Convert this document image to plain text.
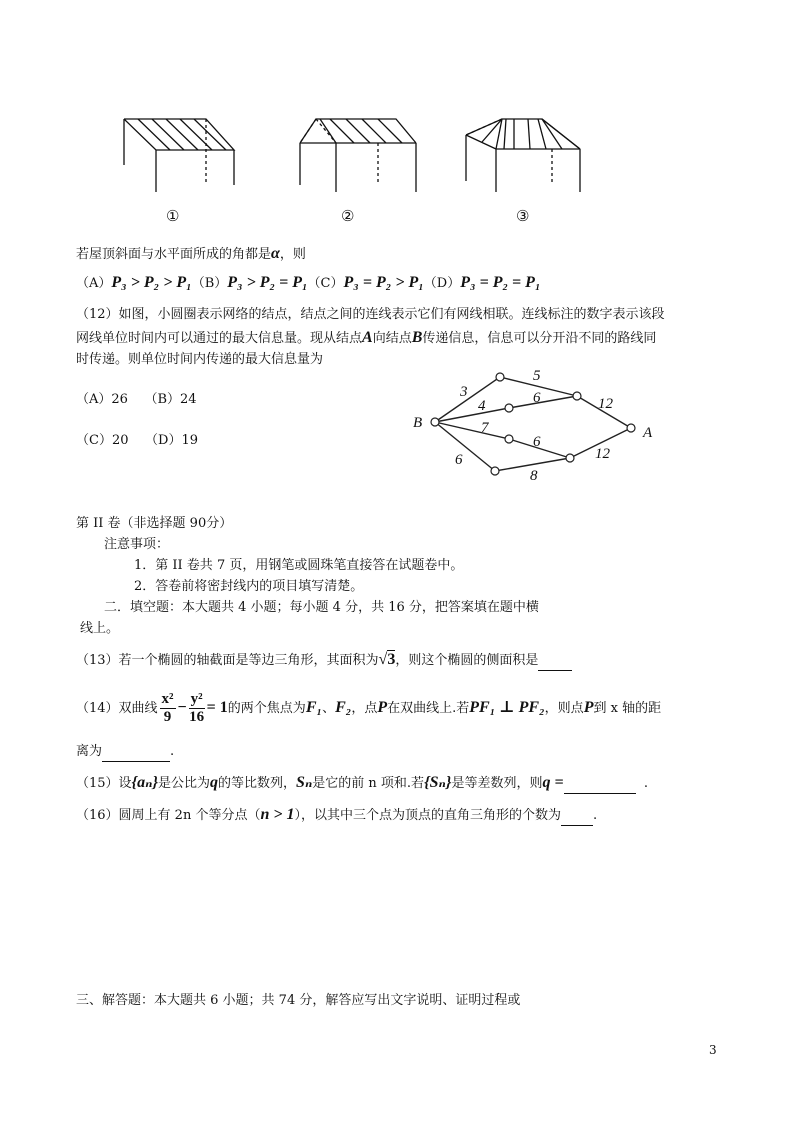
①	②	③
若屋顶斜面与水平面所成的角都是α，则
（A）P₃ > P₂ > P₁（B）P₃ > P₂ = P₁（C）P₃ = P₂ > P₁（D）P₃ = P₂ = P₁
（12）如图，小圆圈表示网络的结点，结点之间的连线表示它们有网线相联。连线标注的数字表示该段
网线单位时间内可以通过的最大信息量。现从结点A向结点B传递信息，信息可以分开沿不同的路线同
时传递。则单位时间内传递的最大信息量为
（A）26 （B）24
（C）20 （D）19
B
A
3
5
4	6	12
7
6
6
8
12
第 II 卷（非选择题 90分）
注意事项：
1．第 II 卷共 7 页，用钢笔或圆珠笔直接答在试题卷中。
2．答卷前将密封线内的项目填写清楚。
二．填空题：本大题共 4 小题；每小题 4 分，共 16 分，把答案填在题中横
线上。
（13）若一个椭圆的轴截面是等边三角形，其面积为√3，则这个椭圆的侧面积是
（14）双曲线 $\frac{\text{x²}}{9} - \frac{\text{y²}}{16} = 1$的两个焦点为F₁、F₂，点P在双曲线上.若PF₁ ⊥ PF₂，则点P到 x 轴的距
离为	.
（15）设{aₙ}是公比为q的等比数列，Sₙ是它的前 n 项和.若{Sₙ}是等差数列，则q =	.
（16）圆周上有 2n 个等分点（n > 1），以其中三个点为顶点的直角三角形的个数为 .
三、解答题：本大题共 6 小题；共 74 分，解答应写出文字说明、证明过程或
3
